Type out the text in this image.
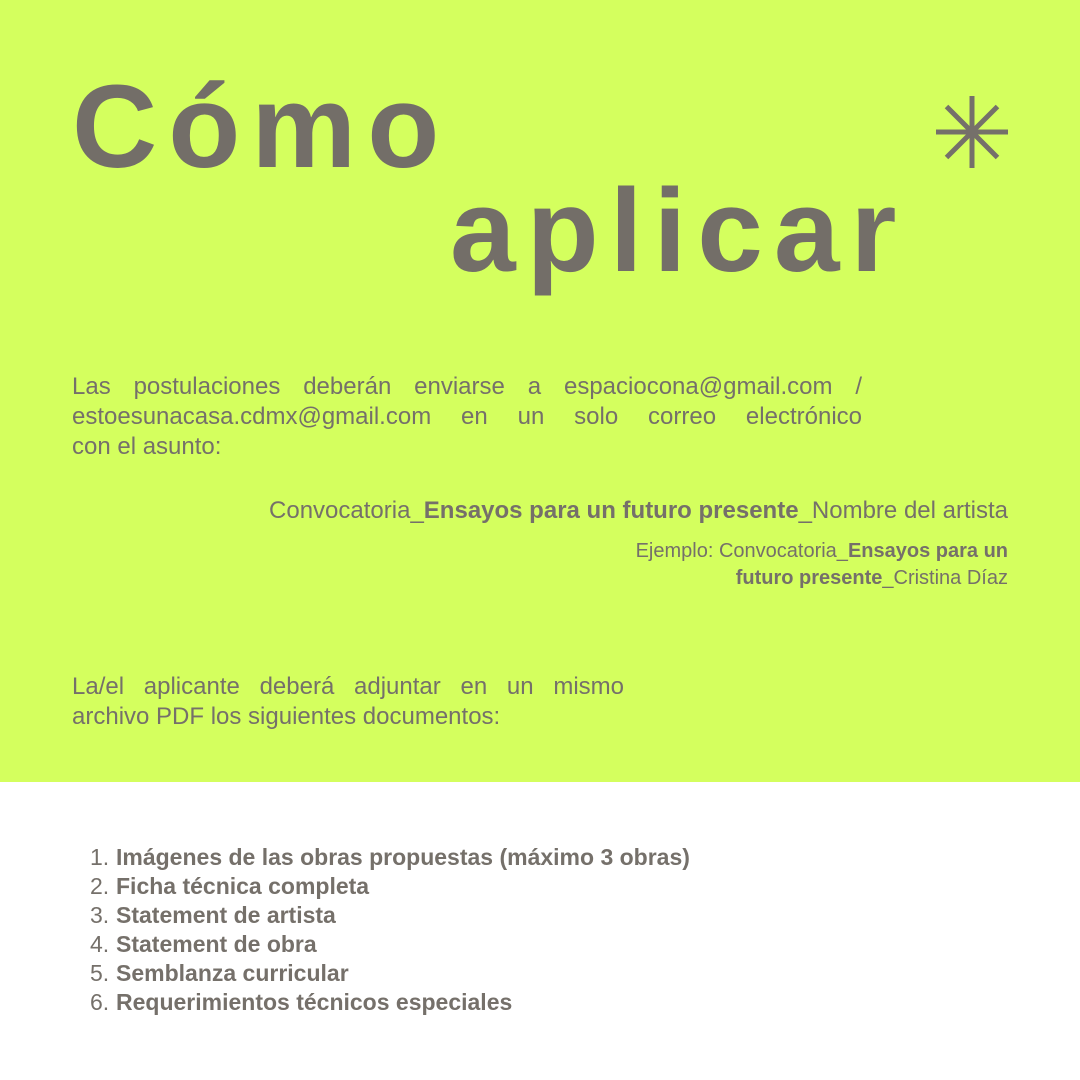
Cómo
aplicar

Las postulaciones deberán enviarse a espaciocona@gmail.com /
estoesunacasa.cdmx@gmail.com en un solo correo electrónico
con el asunto:

Convocatoria_Ensayos para un futuro presente_Nombre del artista
Ejemplo: Convocatoria_Ensayos para un
futuro presente_Cristina Díaz

La/el aplicante deberá adjuntar en un mismo
archivo PDF los siguientes documentos:

1. Imágenes de las obras propuestas (máximo 3 obras)
2. Ficha técnica completa
3. Statement de artista
4. Statement de obra
5. Semblanza curricular
6. Requerimientos técnicos especiales
